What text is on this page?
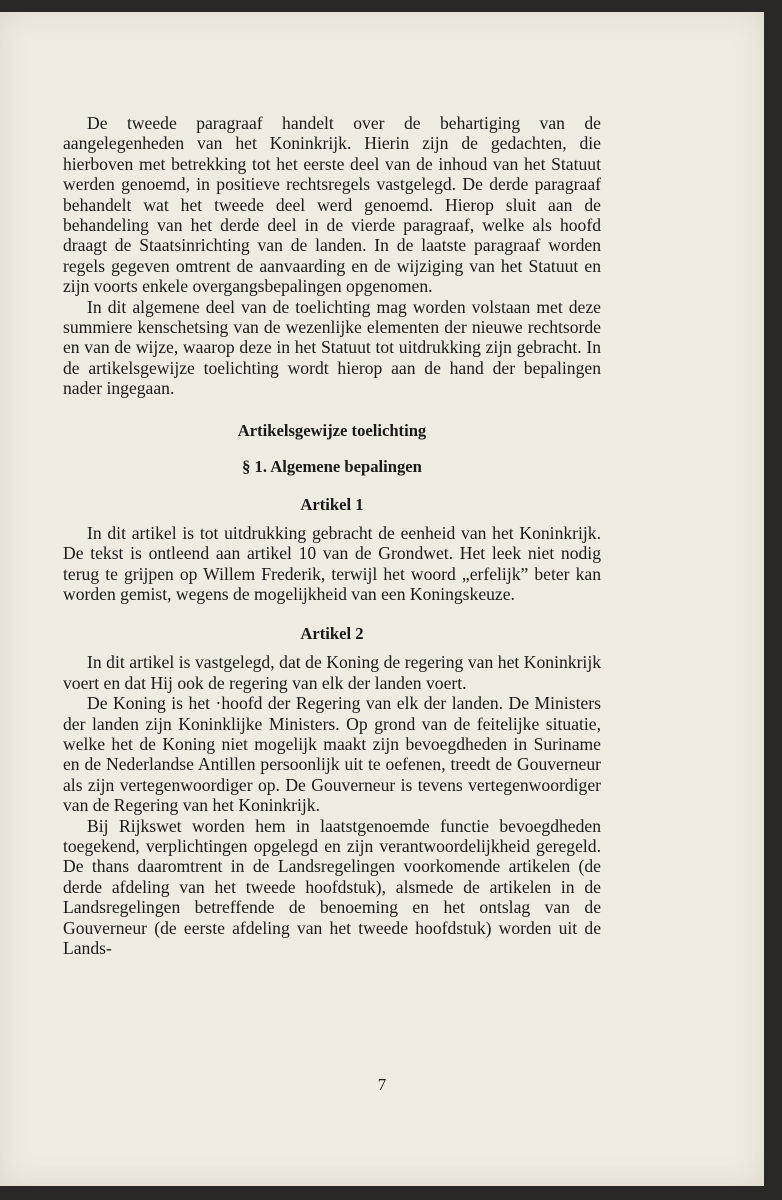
De tweede paragraaf handelt over de behartiging van de aangelegenheden van het Koninkrijk. Hierin zijn de gedachten, die hierboven met betrekking tot het eerste deel van de inhoud van het Statuut werden genoemd, in positieve rechtsregels vastgelegd. De derde paragraaf behandelt wat het tweede deel werd genoemd. Hierop sluit aan de behandeling van het derde deel in de vierde paragraaf, welke als hoofd draagt de Staatsinrichting van de landen. In de laatste paragraaf worden regels gegeven omtrent de aanvaarding en de wijziging van het Statuut en zijn voorts enkele overgangsbepalingen opgenomen.

In dit algemene deel van de toelichting mag worden volstaan met deze summiere kenschetsing van de wezenlijke elementen der nieuwe rechtsorde en van de wijze, waarop deze in het Statuut tot uitdrukking zijn gebracht. In de artikelsgewijze toelichting wordt hierop aan de hand der bepalingen nader ingegaan.

Artikelsgewijze toelichting
§ 1. Algemene bepalingen
Artikel 1

In dit artikel is tot uitdrukking gebracht de eenheid van het Koninkrijk. De tekst is ontleend aan artikel 10 van de Grondwet. Het leek niet nodig terug te grijpen op Willem Frederik, terwijl het woord „erfelijk” beter kan worden gemist, wegens de mogelijkheid van een Koningskeuze.

Artikel 2

In dit artikel is vastgelegd, dat de Koning de regering van het Koninkrijk voert en dat Hij ook de regering van elk der landen voert.

De Koning is het ·hoofd der Regering van elk der landen. De Ministers der landen zijn Koninklijke Ministers. Op grond van de feitelijke situatie, welke het de Koning niet mogelijk maakt zijn bevoegdheden in Suriname en de Nederlandse Antillen persoonlijk uit te oefenen, treedt de Gouverneur als zijn vertegenwoordiger op. De Gouverneur is tevens vertegenwoordiger van de Regering van het Koninkrijk.

Bij Rijkswet worden hem in laatstgenoemde functie bevoegdheden toegekend, verplichtingen opgelegd en zijn verantwoordelijkheid geregeld. De thans daaromtrent in de Landsregelingen voorkomende artikelen (de derde afdeling van het tweede hoofdstuk), alsmede de artikelen in de Landsregelingen betreffende de benoeming en het ontslag van de Gouverneur (de eerste afdeling van het tweede hoofdstuk) worden uit de Lands-

7
